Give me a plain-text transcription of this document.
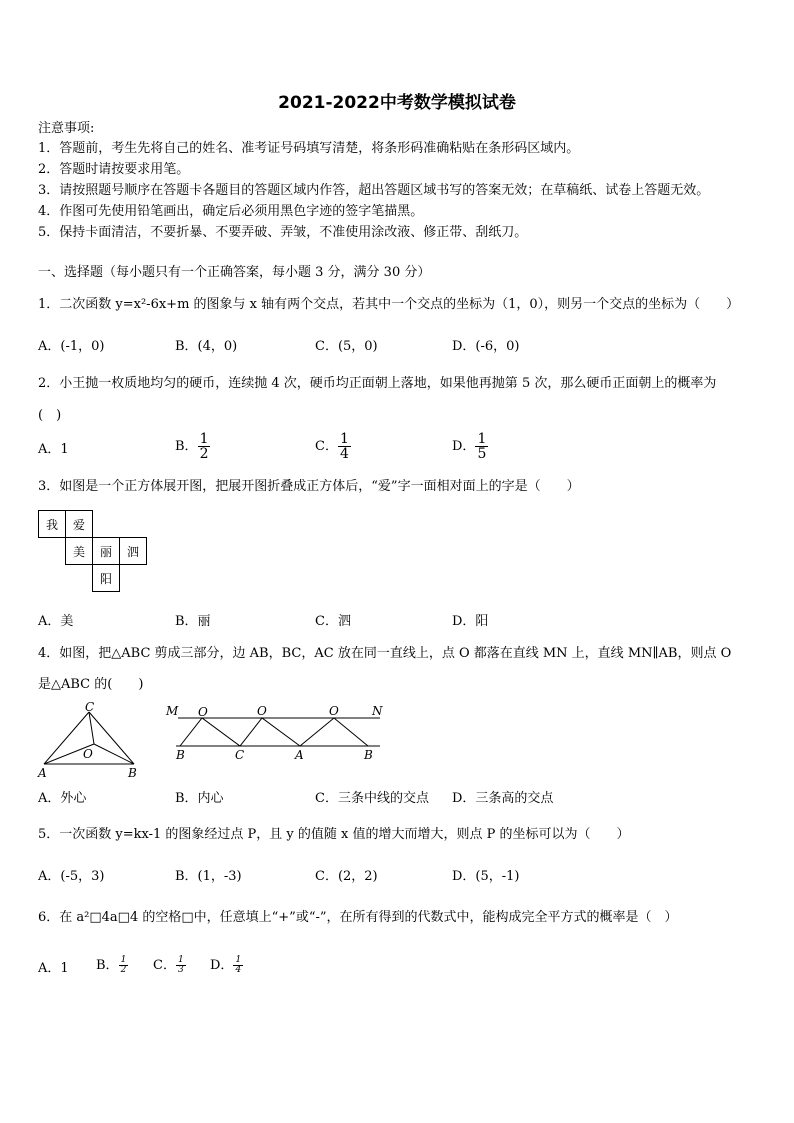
2021-2022中考数学模拟试卷
注意事项:
1．答题前，考生先将自己的姓名、准考证号码填写清楚，将条形码准确粘贴在条形码区域内。
2．答题时请按要求用笔。
3．请按照题号顺序在答题卡各题目的答题区域内作答，超出答题区域书写的答案无效；在草稿纸、试卷上答题无效。
4．作图可先使用铅笔画出，确定后必须用黑色字迹的签字笔描黑。
5．保持卡面清洁，不要折暴、不要弄破、弄皱，不准使用涂改液、修正带、刮纸刀。
一、选择题（每小题只有一个正确答案，每小题 3 分，满分 30 分）
1．二次函数 y=x²-6x+m 的图象与 x 轴有两个交点，若其中一个交点的坐标为（1，0），则另一个交点的坐标为（　　）
A．(-1，0)	B．(4，0)	C．(5，0)	D．(-6，0)
2．小王抛一枚质地均匀的硬币，连续抛 4 次，硬币均正面朝上落地，如果他再抛第 5 次，那么硬币正面朝上的概率为
(　)
A．1	B． $\frac{1}{2}$	C． $\frac{1}{4}$	D． $\frac{1}{5}$
3．如图是一个正方体展开图，把展开图折叠成正方体后，“爱”字一面相对面上的字是（　　）
我	爱		
	美	丽	泗
		阳	
A．美	B．丽	C．泗	D．阳
4．如图，把△ABC 剪成三部分，边 AB，BC，AC 放在同一直线上，点 O 都落在直线 MN 上，直线 MN∥AB，则点 O
是△ABC 的(　　)
C
O
A	B
M O	O	O	N
B	C	A	B
A．外心	B．内心	C．三条中线的交点 D．三条高的交点
5．一次函数 y=kx-1 的图象经过点 P，且 y 的值随 x 值的增大而增大，则点 P 的坐标可以为（　　）
A．(-5，3)	B．(1，-3)	C．(2，2)	D．(5，-1)
6．在 a²□4a□4 的空格□中，任意填上“+”或“-”，在所有得到的代数式中，能构成完全平方式的概率是（　）
A．1 B． $\frac{1}{2}$ C． $\frac{1}{3}$ D． $\frac{1}{4}$
